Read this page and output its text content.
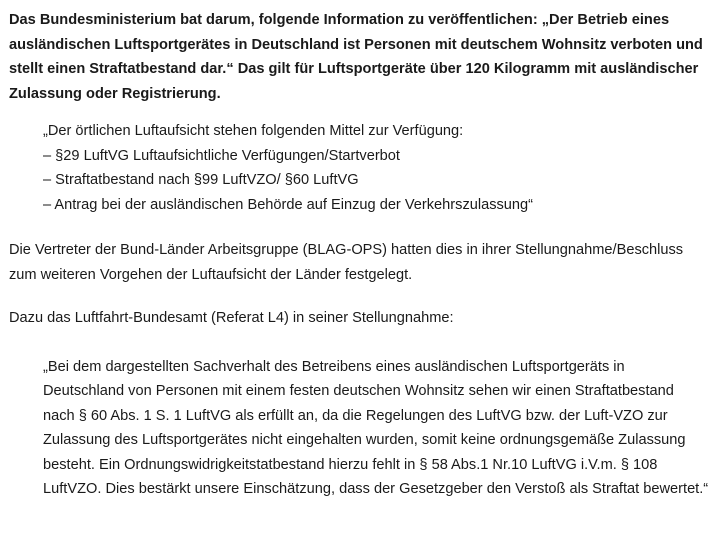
Das Bundesministerium bat darum, folgende Information zu veröffentlichen: „Der Betrieb eines ausländischen Luftsportgerätes in Deutschland ist Personen mit deutschem Wohnsitz verboten und stellt einen Straftatbestand dar.“ Das gilt für Luftsportgeräte über 120 Kilogramm mit ausländischer Zulassung oder Registrierung.

„Der örtlichen Luftaufsicht stehen folgenden Mittel zur Verfügung:

– §29 LuftVG Luftaufsichtliche Verfügungen/Startverbot
– Straftatbestand nach §99 LuftVZO/ §60 LuftVG
– Antrag bei der ausländischen Behörde auf Einzug der Verkehrszulassung“

Die Vertreter der Bund-Länder Arbeitsgruppe (BLAG-OPS) hatten dies in ihrer Stellungnahme/Beschluss zum weiteren Vorgehen der Luftaufsicht der Länder festgelegt.

Dazu das Luftfahrt-Bundesamt (Referat L4) in seiner Stellungnahme:

„Bei dem dargestellten Sachverhalt des Betreibens eines ausländischen Luftsportgeräts in Deutschland von Personen mit einem festen deutschen Wohnsitz sehen wir einen Straftatbestand nach § 60 Abs. 1 S. 1 LuftVG als erfüllt an, da die Regelungen des LuftVG bzw. der Luft-VZO zur Zulassung des Luftsportgerätes nicht eingehalten wurden, somit keine ordnungsgemäße Zulassung besteht. Ein Ordnungswidrigkeitstatbestand hierzu fehlt in § 58 Abs.1 Nr.10 LuftVG i.V.m. § 108 LuftVZO. Dies bestärkt unsere Einschätzung, dass der Gesetzgeber den Verstoß als Straftat bewertet.“
